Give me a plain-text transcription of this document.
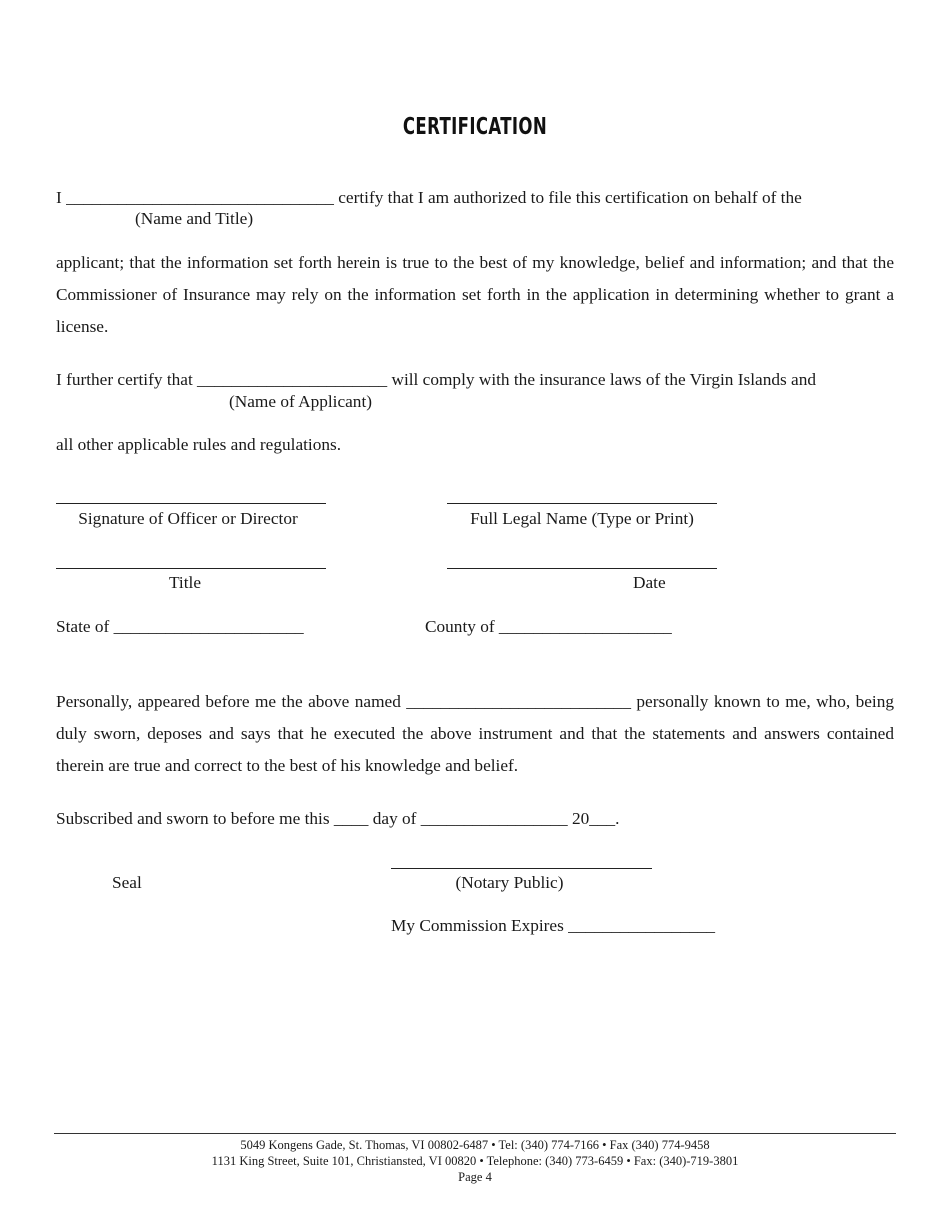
CERTIFICATION
I _______________________________ certify that I am authorized to file this certification on behalf of the
(Name and Title)
applicant; that the information set forth herein is true to the best of my knowledge, belief and information; and that the Commissioner of Insurance may rely on the information set forth in the application in determining whether to grant a license.
I further certify that ______________________ will comply with the insurance laws of the Virgin Islands and
(Name of Applicant)
all other applicable rules and regulations.
Signature of Officer or Director	Full Legal Name (Type or Print)
Title	Date
State of ______________________	County of ____________________
Personally, appeared before me the above named __________________________ personally known to me, who, being duly sworn, deposes and says that he executed the above instrument and that the statements and answers contained therein are true and correct to the best of his knowledge and belief.
Subscribed and sworn to before me this ____ day of _________________ 20___.
Seal	(Notary Public)
My Commission Expires _________________
5049 Kongens Gade, St. Thomas, VI 00802-6487 • Tel: (340) 774-7166 • Fax (340) 774-9458
1131 King Street, Suite 101, Christiansted, VI 00820 • Telephone: (340) 773-6459 • Fax: (340)-719-3801
Page 4
